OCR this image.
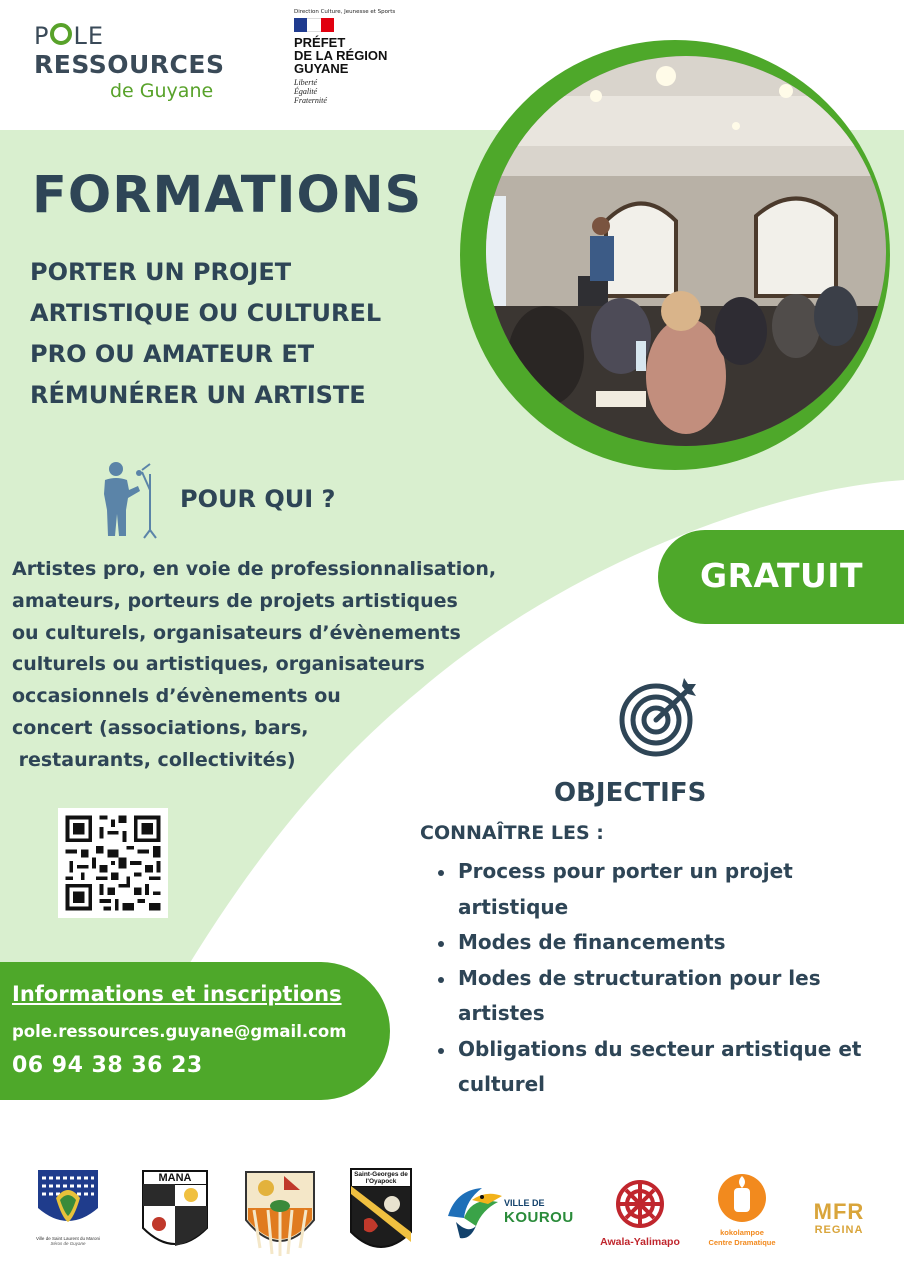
P LE
RESSOURCES
de Guyane
Direction Culture, Jeunesse et Sports
PRÉFET
DE LA RÉGION
GUYANE
Liberté
Égalité
Fraternité
FORMATIONS
PORTER UN PROJET
ARTISTIQUE OU CULTUREL
PRO OU AMATEUR ET
RÉMUNÉRER UN ARTISTE
POUR QUI ?
Artistes pro, en voie de professionnalisation,
amateurs, porteurs de projets artistiques
ou culturels, organisateurs d’évènements
culturels ou artistiques, organisateurs
occasionnels d’évènements ou
concert (associations, bars,
restaurants, collectivités)
GRATUIT
OBJECTIFS
CONNAÎTRE LES :
Process pour porter un projet
artistique
Modes de financements
Modes de structuration pour les
artistes
Obligations du secteur artistique et
culturel
Informations et inscriptions
pole.ressources.guyane@gmail.com
06 94 38 36 23
Ville de Saint Laurent du Maroni
Séros de Guyane
MANA	Saint-Georges de l'Oyapock
VILLE DE
KOUROU
Awala-Yalimapo
kokolampoe
Centre Dramatique
MFR
REGINA
